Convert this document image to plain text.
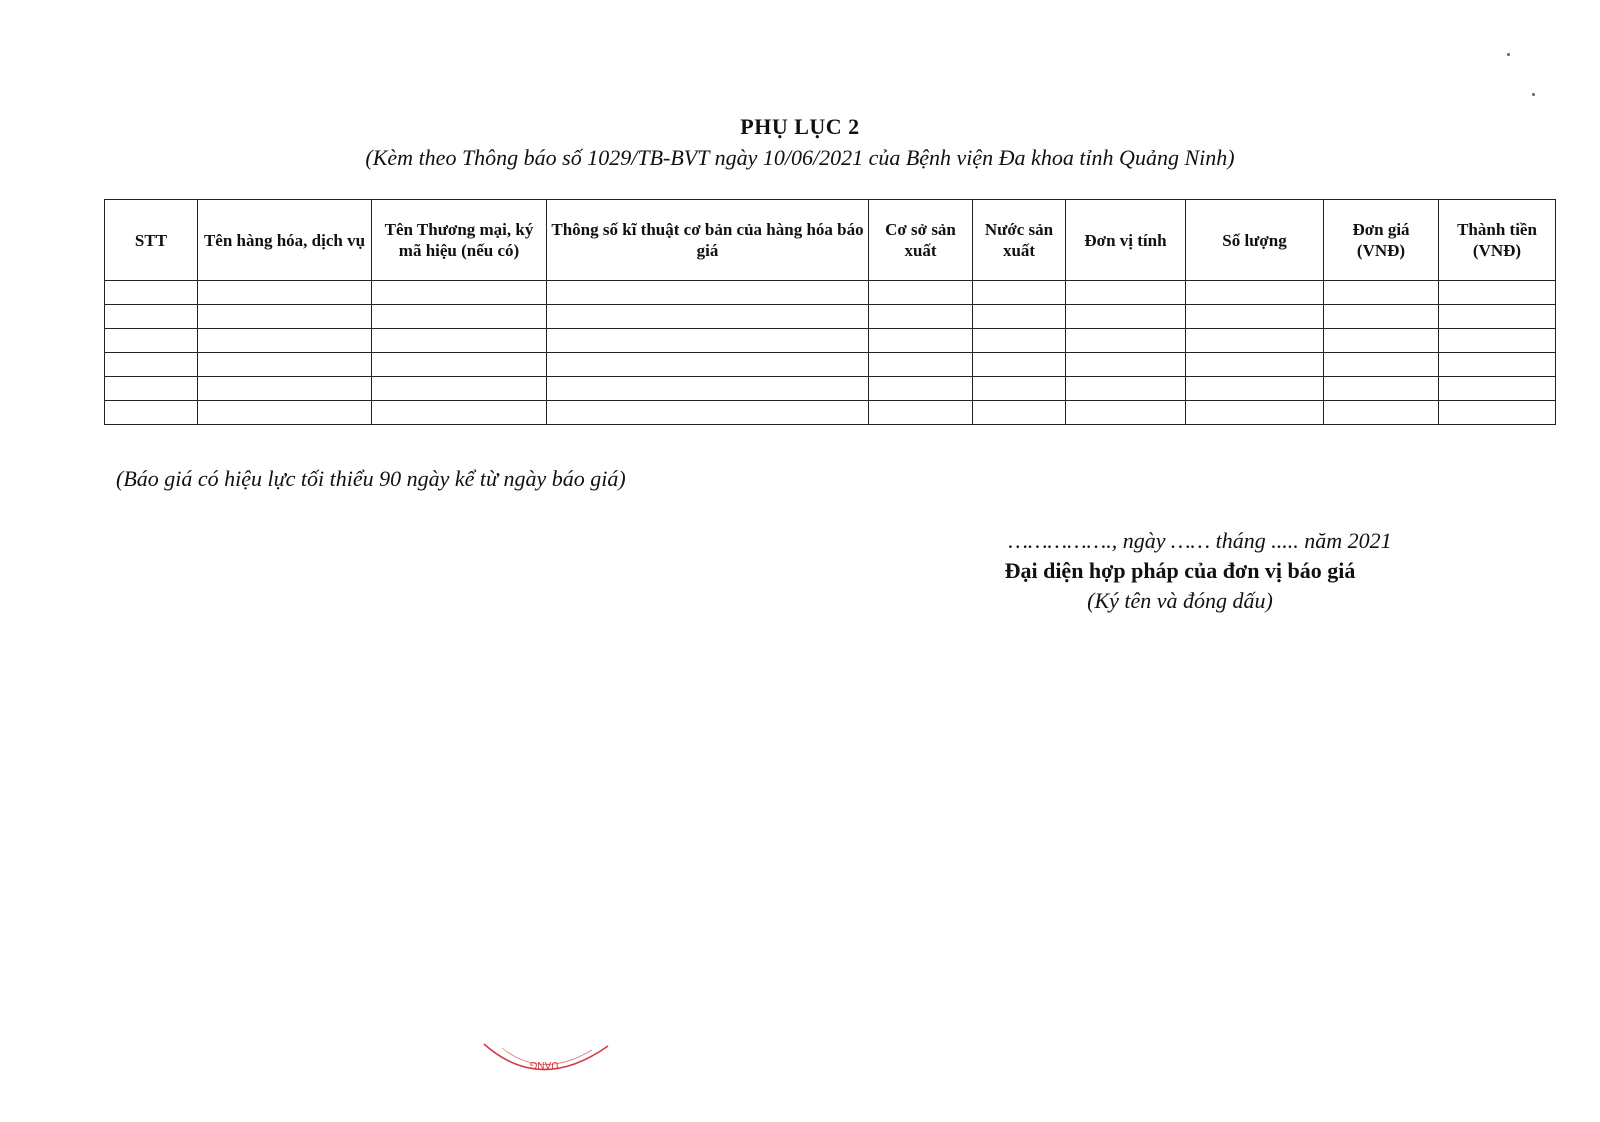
PHỤ LỤC 2
(Kèm theo Thông báo số 1029/TB-BVT ngày 10/06/2021 của Bệnh viện Đa khoa tỉnh Quảng Ninh)
STT	Tên hàng hóa, dịch vụ	Tên Thương mại, ký mã hiệu (nếu có)	Thông số kĩ thuật cơ bản của hàng hóa báo giá	Cơ sở sản xuất	Nước sản xuất	Đơn vị tính	Số lượng	Đơn giá (VNĐ)	Thành tiền (VNĐ)

(Báo giá có hiệu lực tối thiểu 90 ngày kể từ ngày báo giá)
……………., ngày …… tháng ..... năm 2021
Đại diện hợp pháp của đơn vị báo giá
(Ký tên và đóng dấu)
UANG
